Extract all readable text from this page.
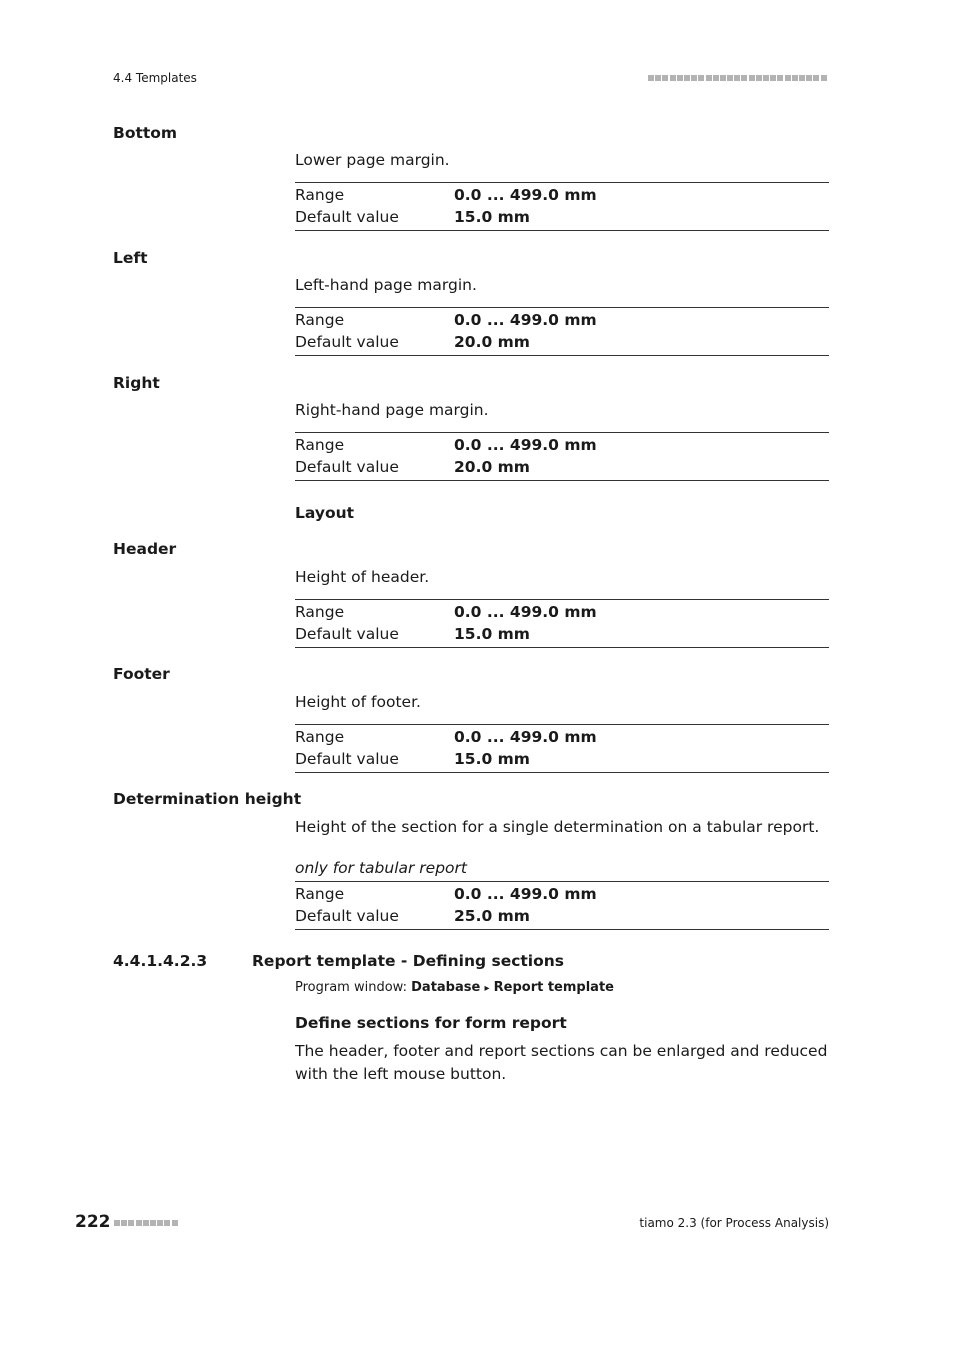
4.4 Templates
Bottom
Lower page margin.
Range	0.0 ... 499.0 mm
Default value	15.0 mm
Left
Left-hand page margin.
Range	0.0 ... 499.0 mm
Default value	20.0 mm
Right
Right-hand page margin.
Range	0.0 ... 499.0 mm
Default value	20.0 mm
Layout
Header
Height of header.
Range	0.0 ... 499.0 mm
Default value	15.0 mm
Footer
Height of footer.
Range	0.0 ... 499.0 mm
Default value	15.0 mm
Determination height
Height of the section for a single determination on a tabular report.
only for tabular report
Range	0.0 ... 499.0 mm
Default value	25.0 mm
4.4.1.4.2.3	Report template - Defining sections
Program window: Database ▸ Report template
Define sections for form report
The header, footer and report sections can be enlarged and reduced with the left mouse button.
222	tiamo 2.3 (for Process Analysis)
